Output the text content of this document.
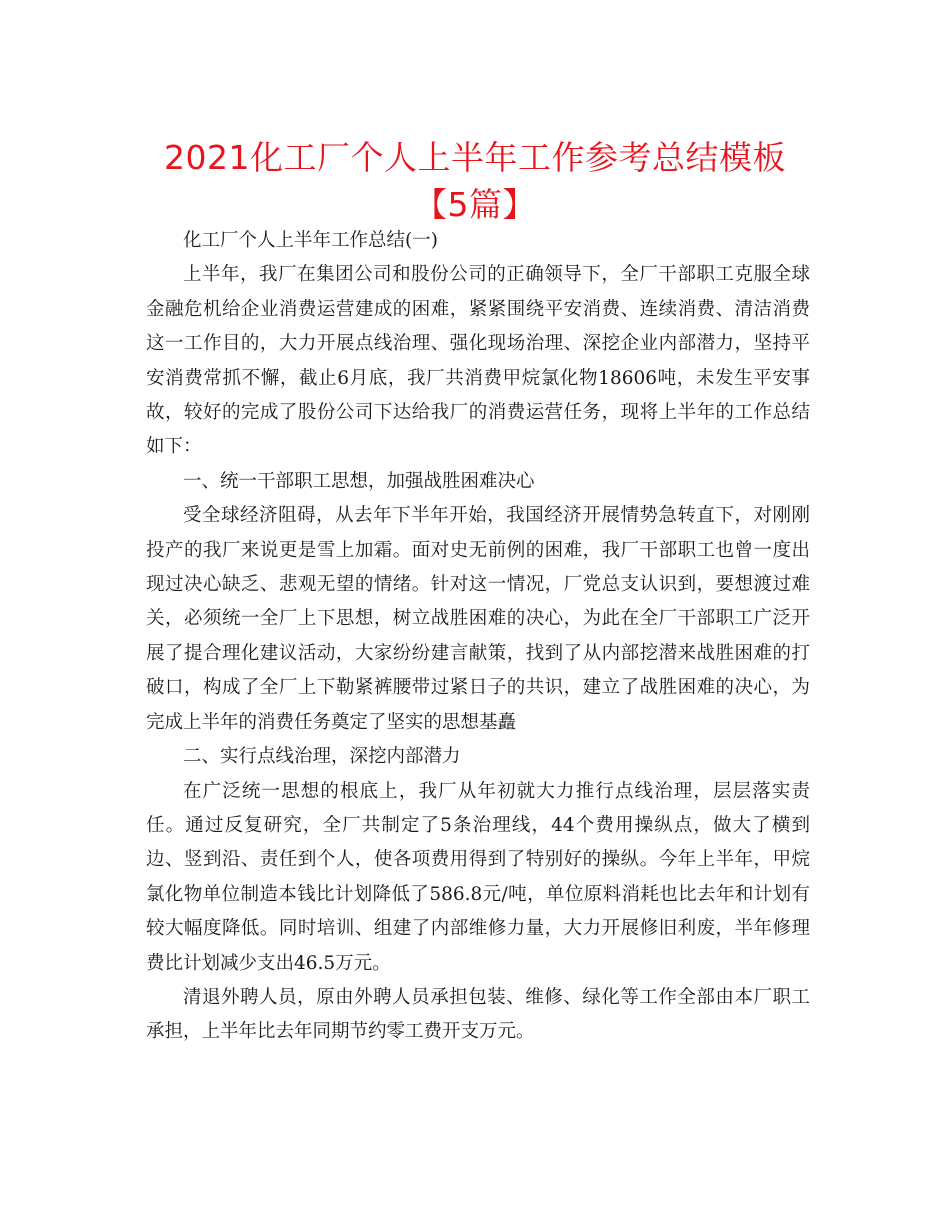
2021化工厂个人上半年工作参考总结模板【5篇】

化工厂个人上半年工作总结(一)

上半年，我厂在集团公司和股份公司的正确领导下，全厂干部职工克服全球金融危机给企业消费运营建成的困难，紧紧围绕平安消费、连续消费、清洁消费这一工作目的，大力开展点线治理、强化现场治理、深挖企业内部潜力，坚持平安消费常抓不懈，截止6月底，我厂共消费甲烷氯化物18606吨，未发生平安事故，较好的完成了股份公司下达给我厂的消费运营任务，现将上半年的工作总结如下：

一、统一干部职工思想，加强战胜困难决心

受全球经济阻碍，从去年下半年开始，我国经济开展情势急转直下，对刚刚投产的我厂来说更是雪上加霜。面对史无前例的困难，我厂干部职工也曾一度出现过决心缺乏、悲观无望的情绪。针对这一情况，厂党总支认识到，要想渡过难关，必须统一全厂上下思想，树立战胜困难的决心，为此在全厂干部职工广泛开展了提合理化建议活动，大家纷纷建言献策，找到了从内部挖潜来战胜困难的打破口，构成了全厂上下勒紧裤腰带过紧日子的共识，建立了战胜困难的决心，为完成上半年的消费任务奠定了坚实的思想基矗

二、实行点线治理，深挖内部潜力

在广泛统一思想的根底上，我厂从年初就大力推行点线治理，层层落实责任。通过反复研究，全厂共制定了5条治理线，44个费用操纵点，做大了横到边、竖到沿、责任到个人，使各项费用得到了特别好的操纵。今年上半年，甲烷氯化物单位制造本钱比计划降低了586.8元/吨，单位原料消耗也比去年和计划有较大幅度降低。同时培训、组建了内部维修力量，大力开展修旧利废，半年修理费比计划减少支出46.5万元。

清退外聘人员，原由外聘人员承担包装、维修、绿化等工作全部由本厂职工承担，上半年比去年同期节约零工费开支万元。
